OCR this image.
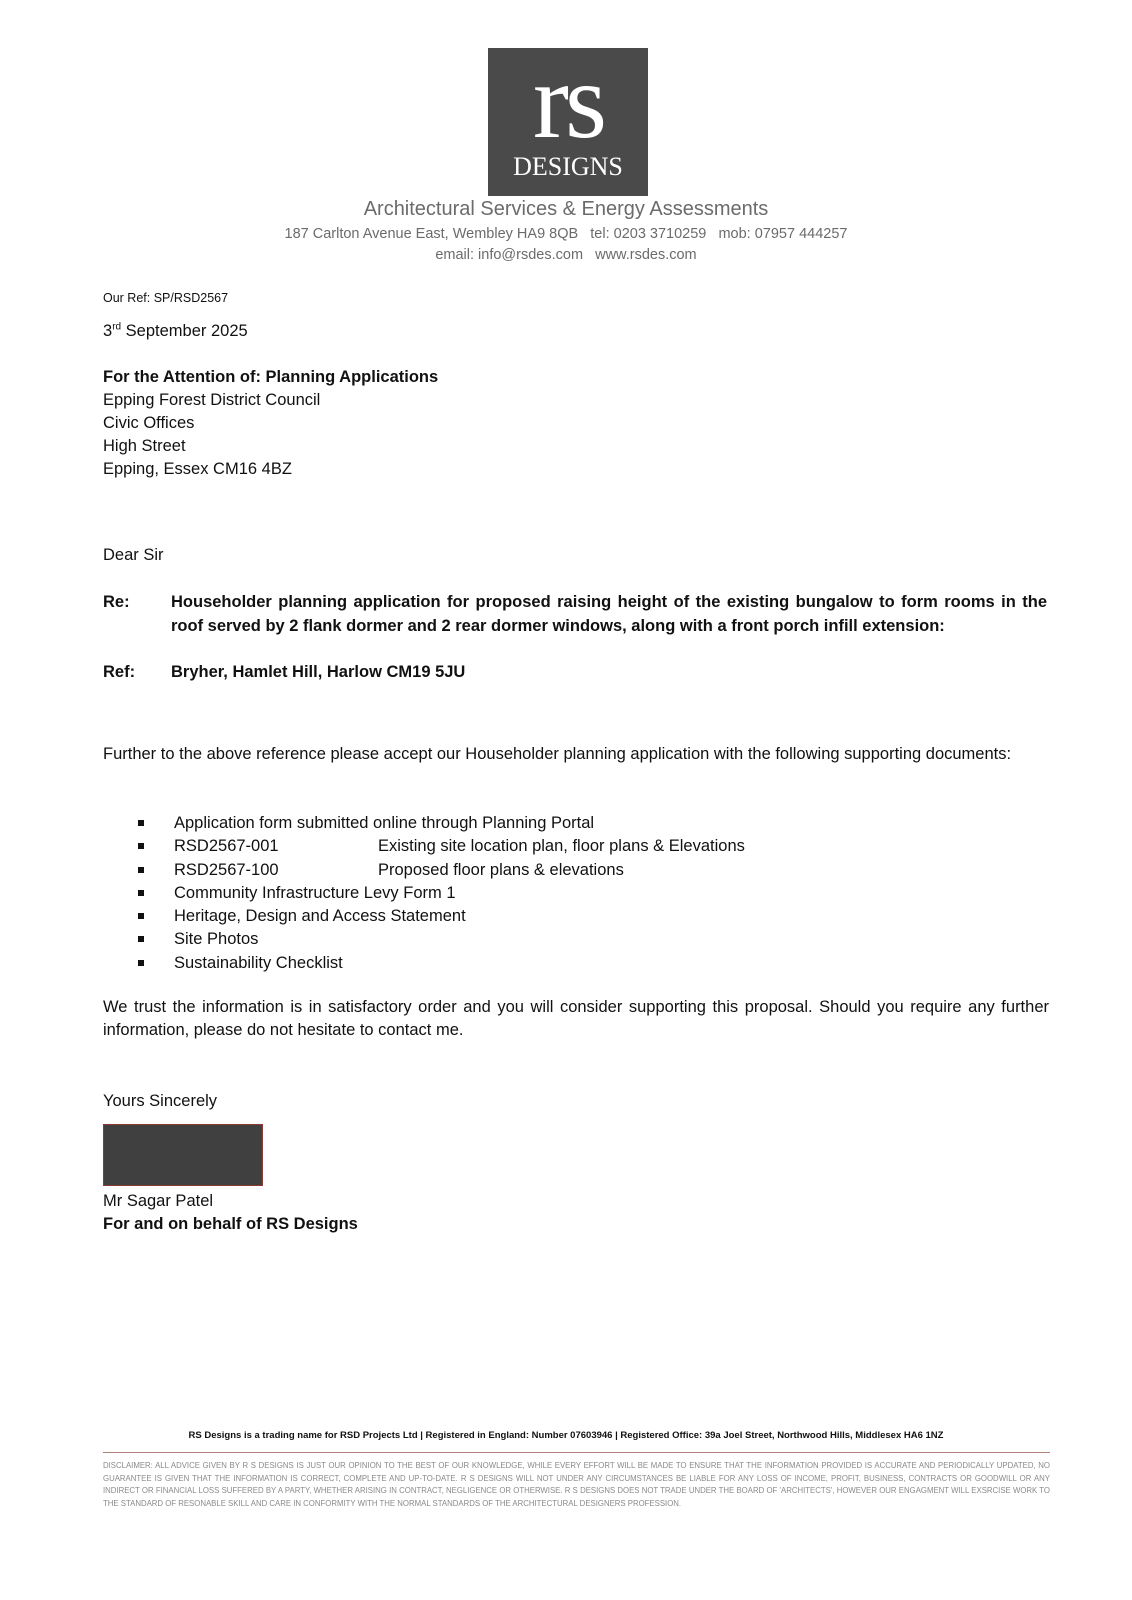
rs
DESIGNS
Architectural Services & Energy Assessments
187 Carlton Avenue East, Wembley HA9 8QB   tel: 0203 3710259   mob: 07957 444257
email: info@rsdes.com   www.rsdes.com
Our Ref: SP/RSD2567
3rd September 2025
For the Attention of: Planning Applications
Epping Forest District Council
Civic Offices
High Street
Epping, Essex CM16 4BZ
Dear Sir
Re:	Householder planning application for proposed raising height of the existing bungalow to form rooms in the roof served by 2 flank dormer and 2 rear dormer windows, along with a front porch infill extension:
Ref: Bryher, Hamlet Hill, Harlow CM19 5JU
Further to the above reference please accept our Householder planning application with the following supporting documents:
Application form submitted online through Planning Portal
RSD2567-001	Existing site location plan, floor plans & Elevations
RSD2567-100	Proposed floor plans & elevations
Community Infrastructure Levy Form 1
Heritage, Design and Access Statement
Site Photos
Sustainability Checklist
We trust the information is in satisfactory order and you will consider supporting this proposal. Should you require any further information, please do not hesitate to contact me.
Yours Sincerely
Mr Sagar Patel
For and on behalf of RS Designs
RS Designs is a trading name for RSD Projects Ltd | Registered in England: Number 07603946 | Registered Office: 39a Joel Street, Northwood Hills, Middlesex HA6 1NZ
DISCLAIMER: ALL ADVICE GIVEN BY R S DESIGNS IS JUST OUR OPINION TO THE BEST OF OUR KNOWLEDGE, WHILE EVERY EFFORT WILL BE MADE TO ENSURE THAT THE INFORMATION PROVIDED IS ACCURATE AND PERIODICALLY UPDATED, NO GUARANTEE IS GIVEN THAT THE INFORMATION IS CORRECT, COMPLETE AND UP-TO-DATE. R S DESIGNS WILL NOT UNDER ANY CIRCUMSTANCES BE LIABLE FOR ANY LOSS OF INCOME, PROFIT, BUSINESS, CONTRACTS OR GOODWILL OR ANY INDIRECT OR FINANCIAL LOSS SUFFERED BY A PARTY, WHETHER ARISING IN CONTRACT, NEGLIGENCE OR OTHERWISE. R S DESIGNS DOES NOT TRADE UNDER THE BOARD OF 'ARCHITECTS', HOWEVER OUR ENGAGMENT WILL EXSRCISE WORK TO THE STANDARD OF RESONABLE SKILL AND CARE IN CONFORMITY WITH THE NORMAL STANDARDS OF THE ARCHITECTURAL DESIGNERS PROFESSION.
